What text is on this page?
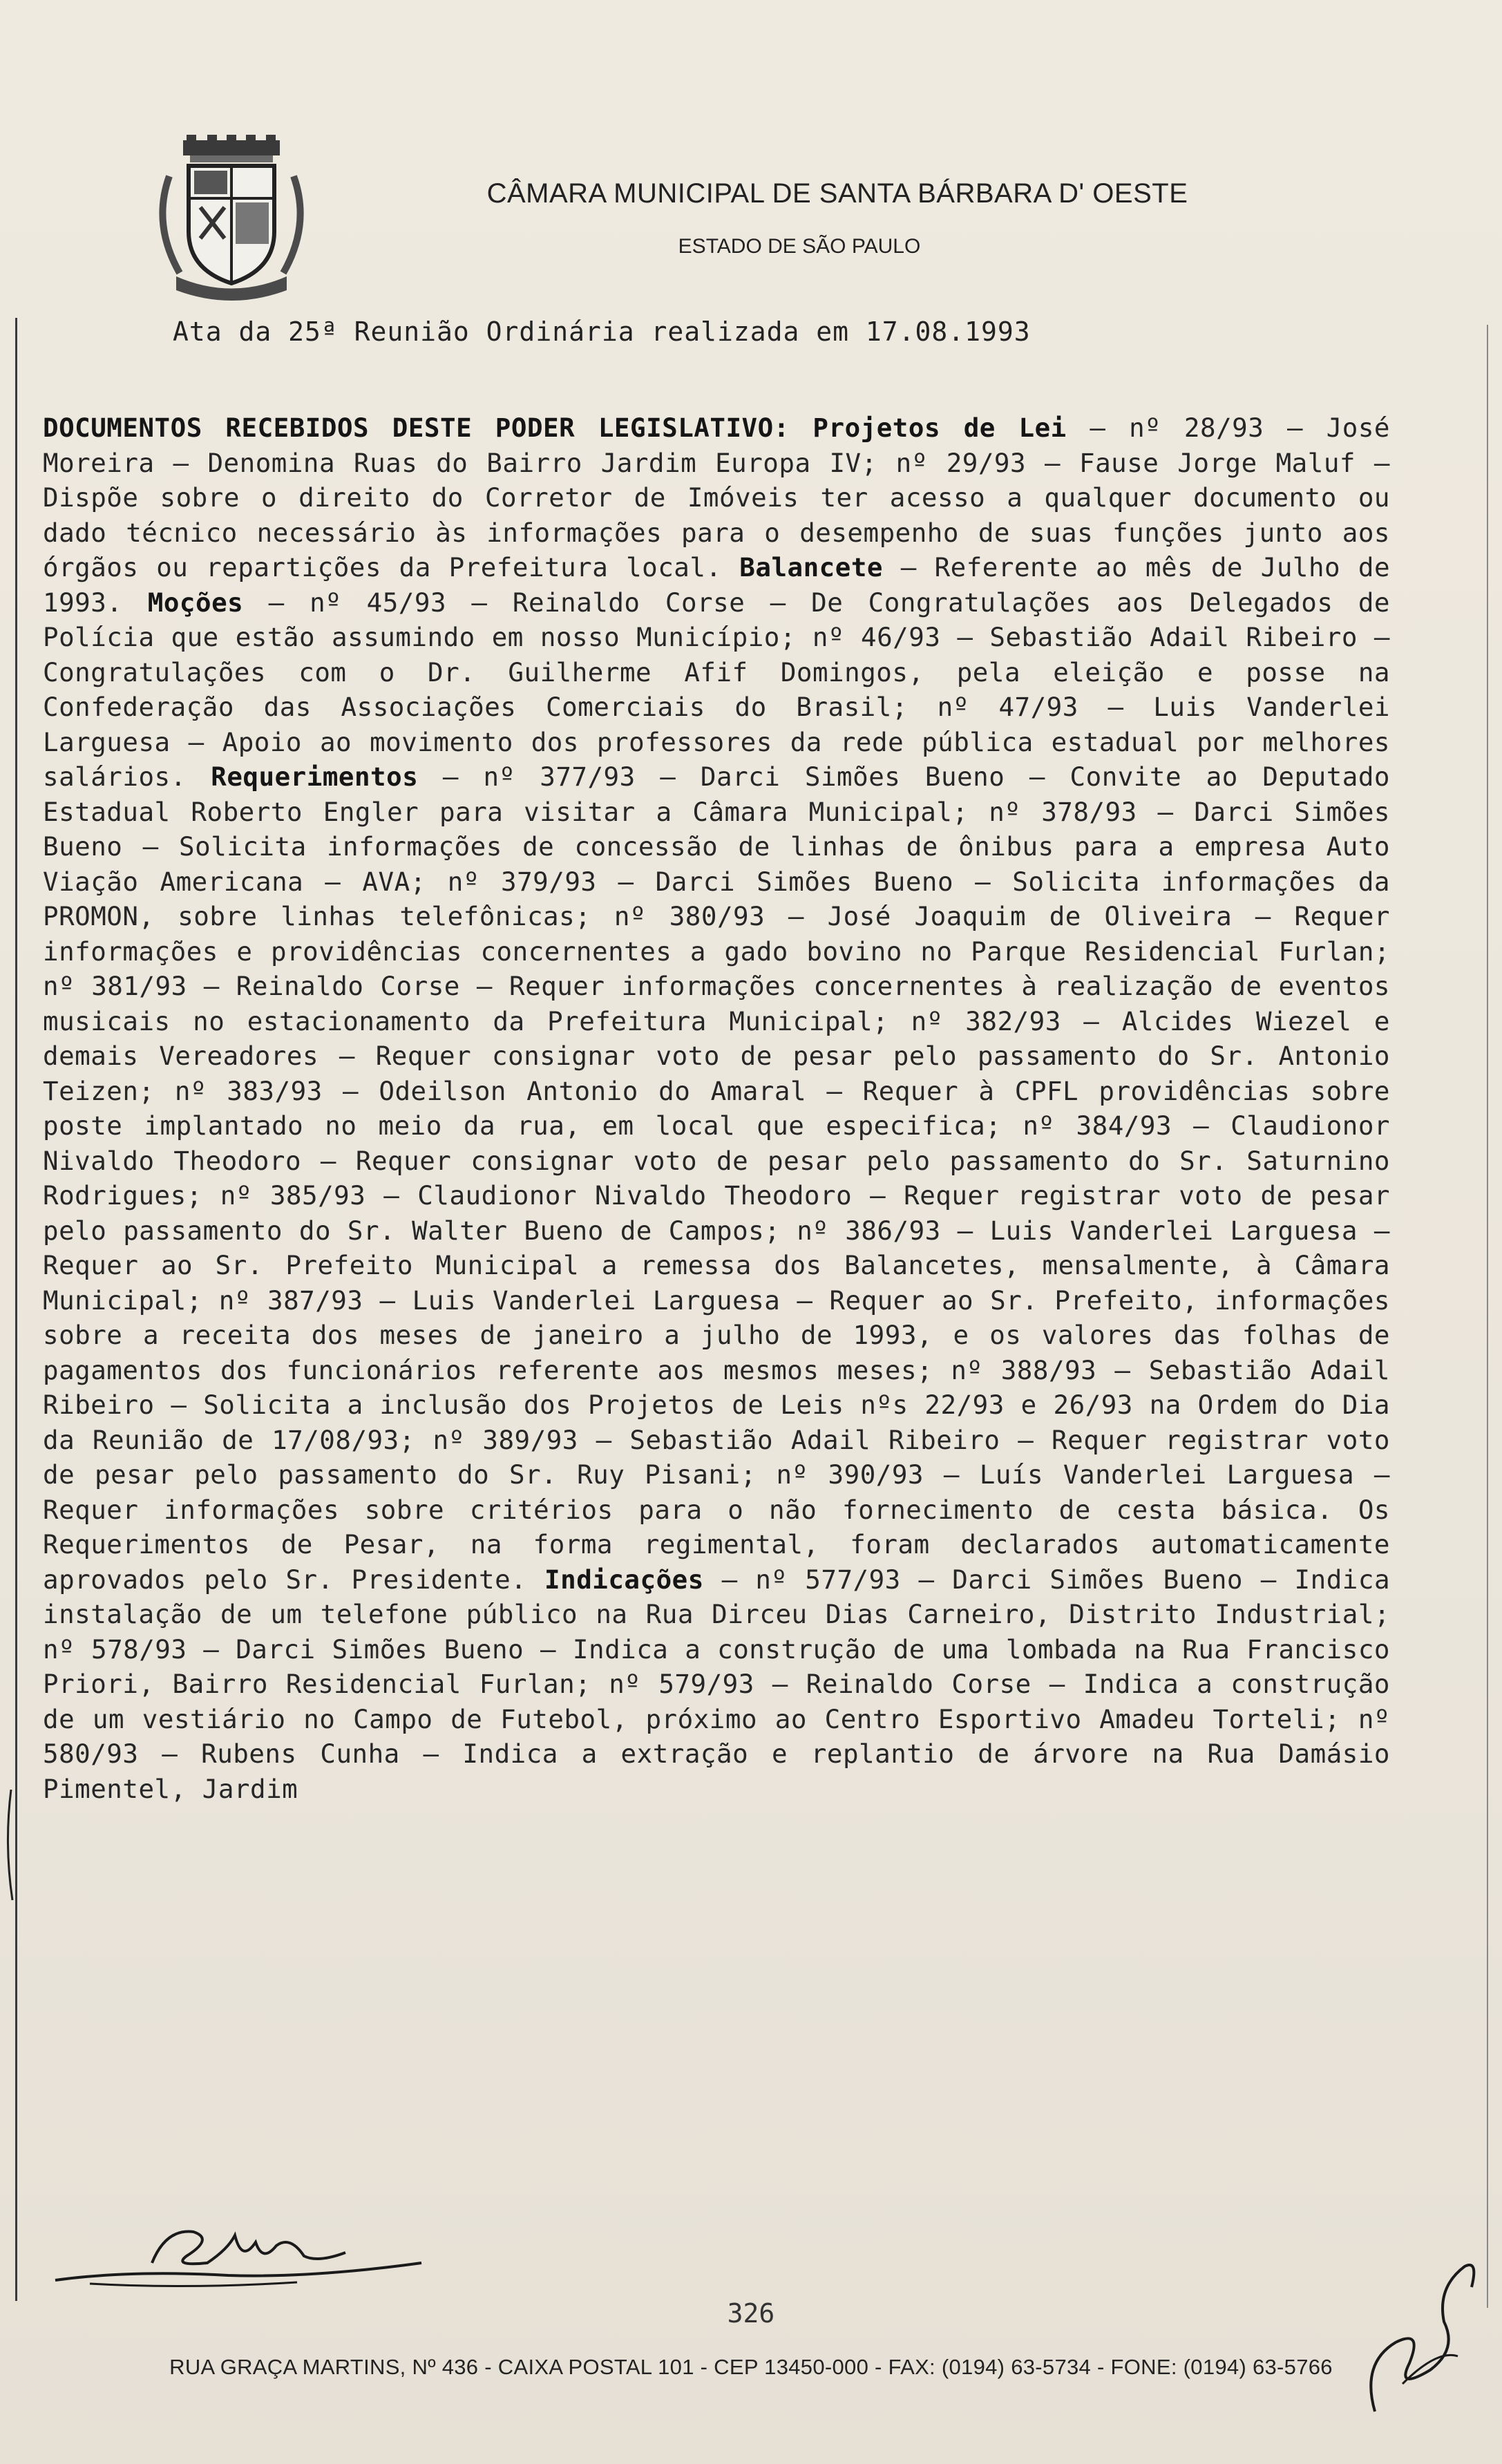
CÂMARA MUNICIPAL DE SANTA BÁRBARA D' OESTE
ESTADO DE SÃO PAULO
Ata da 25ª Reunião Ordinária realizada em 17.08.1993
DOCUMENTOS RECEBIDOS DESTE PODER LEGISLATIVO: Projetos de Lei – nº 28/93 – José Moreira – Denomina Ruas do Bairro Jardim Europa IV; nº 29/93 – Fause Jorge Maluf – Dispõe sobre o direito do Corretor de Imóveis ter acesso a qualquer documento ou dado técnico necessário às informações para o desempenho de suas funções junto aos órgãos ou repartições da Prefeitura local. Balancete – Referente ao mês de Julho de 1993. Moções – nº 45/93 – Reinaldo Corse – De Congratulações aos Delegados de Polícia que estão assumindo em nosso Município; nº 46/93 – Sebastião Adail Ribeiro – Congratulações com o Dr. Guilherme Afif Domingos, pela eleição e posse na Confederação das Associações Comerciais do Brasil; nº 47/93 – Luis Vanderlei Larguesa – Apoio ao movimento dos professores da rede pública estadual por melhores salários. Requerimentos – nº 377/93 – Darci Simões Bueno – Convite ao Deputado Estadual Roberto Engler para visitar a Câmara Municipal; nº 378/93 – Darci Simões Bueno – Solicita informações de concessão de linhas de ônibus para a empresa Auto Viação Americana – AVA; nº 379/93 – Darci Simões Bueno – Solicita informações da PROMON, sobre linhas telefônicas; nº 380/93 – José Joaquim de Oliveira – Requer informações e providências concernentes a gado bovino no Parque Residencial Furlan; nº 381/93 – Reinaldo Corse – Requer informações concernentes à realização de eventos musicais no estacionamento da Prefeitura Municipal; nº 382/93 – Alcides Wiezel e demais Vereadores – Requer consignar voto de pesar pelo passamento do Sr. Antonio Teizen; nº 383/93 – Odeilson Antonio do Amaral – Requer à CPFL providências sobre poste implantado no meio da rua, em local que especifica; nº 384/93 – Claudionor Nivaldo Theodoro – Requer consignar voto de pesar pelo passamento do Sr. Saturnino Rodrigues; nº 385/93 – Claudionor Nivaldo Theodoro – Requer registrar voto de pesar pelo passamento do Sr. Walter Bueno de Campos; nº 386/93 – Luis Vanderlei Larguesa – Requer ao Sr. Prefeito Municipal a remessa dos Balancetes, mensalmente, à Câmara Municipal; nº 387/93 – Luis Vanderlei Larguesa – Requer ao Sr. Prefeito, informações sobre a receita dos meses de janeiro a julho de 1993, e os valores das folhas de pagamentos dos funcionários referente aos mesmos meses; nº 388/93 – Sebastião Adail Ribeiro – Solicita a inclusão dos Projetos de Leis nºs 22/93 e 26/93 na Ordem do Dia da Reunião de 17/08/93; nº 389/93 – Sebastião Adail Ribeiro – Requer registrar voto de pesar pelo passamento do Sr. Ruy Pisani; nº 390/93 – Luís Vanderlei Larguesa – Requer informações sobre critérios para o não fornecimento de cesta básica. Os Requerimentos de Pesar, na forma regimental, foram declarados automaticamente aprovados pelo Sr. Presidente. Indicações – nº 577/93 – Darci Simões Bueno – Indica instalação de um telefone público na Rua Dirceu Dias Carneiro, Distrito Industrial; nº 578/93 – Darci Simões Bueno – Indica a construção de uma lombada na Rua Francisco Priori, Bairro Residencial Furlan; nº 579/93 – Reinaldo Corse – Indica a construção de um vestiário no Campo de Futebol, próximo ao Centro Esportivo Amadeu Torteli; nº 580/93 – Rubens Cunha – Indica a extração e replantio de árvore na Rua Damásio Pimentel, Jardim
326
RUA GRAÇA MARTINS, Nº 436 - CAIXA POSTAL 101 - CEP 13450-000 - FAX: (0194) 63-5734 - FONE: (0194) 63-5766
